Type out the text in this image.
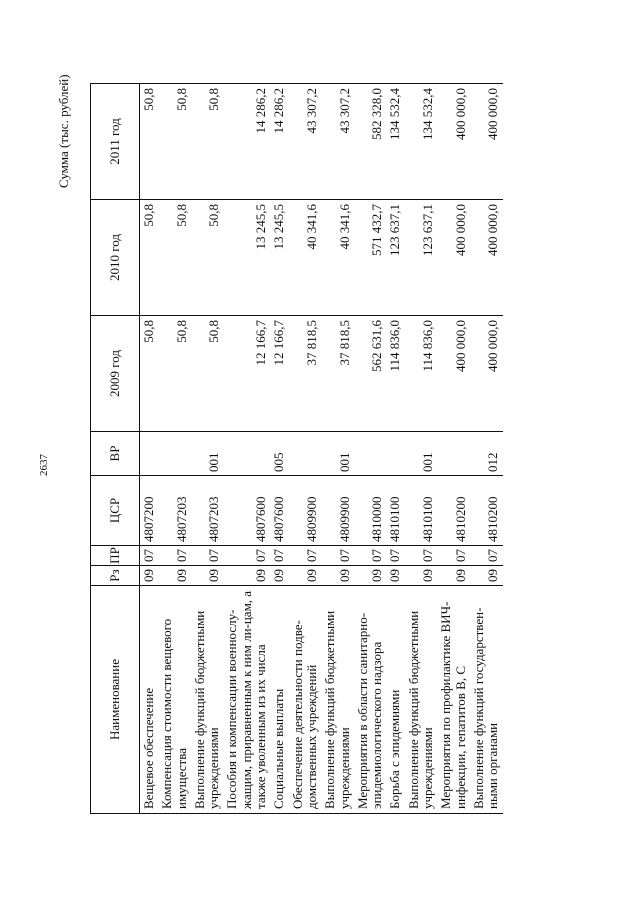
2637
Сумма (тыс. рублей)
Наименование	Рз	ПР	ЦСР	ВР	2009 год	2010 год	2011 год
Вещевое обеспечение	09	07	4807200		50,8	50,8	50,8
Компенсация стоимости вещевого имущества	09	07	4807203		50,8	50,8	50,8
Выполнение функций бюджетными учреждениями	09	07	4807203	001	50,8	50,8	50,8
Пособия и компенсации военнослу-жащим, приравненным к ним ли-цам, а также уволенным из их числа	09	07	4807600		12 166,7	13 245,5	14 286,2
Социальные выплаты	09	07	4807600	005	12 166,7	13 245,5	14 286,2
Обеспечение деятельности подве-домственных учреждений	09	07	4809900		37 818,5	40 341,6	43 307,2
Выполнение функций бюджетными учреждениями	09	07	4809900	001	37 818,5	40 341,6	43 307,2
Мероприятия в области санитарно-эпидемиологического надзора	09	07	4810000		562 631,6	571 432,7	582 328,0
Борьба с эпидемиями	09	07	4810100		114 836,0	123 637,1	134 532,4
Выполнение функций бюджетными учреждениями	09	07	4810100	001	114 836,0	123 637,1	134 532,4
Мероприятия по профилактике ВИЧ-инфекции, гепатитов В, С	09	07	4810200		400 000,0	400 000,0	400 000,0
Выполнение функций государствен-ными органами	09	07	4810200	012	400 000,0	400 000,0	400 000,0
